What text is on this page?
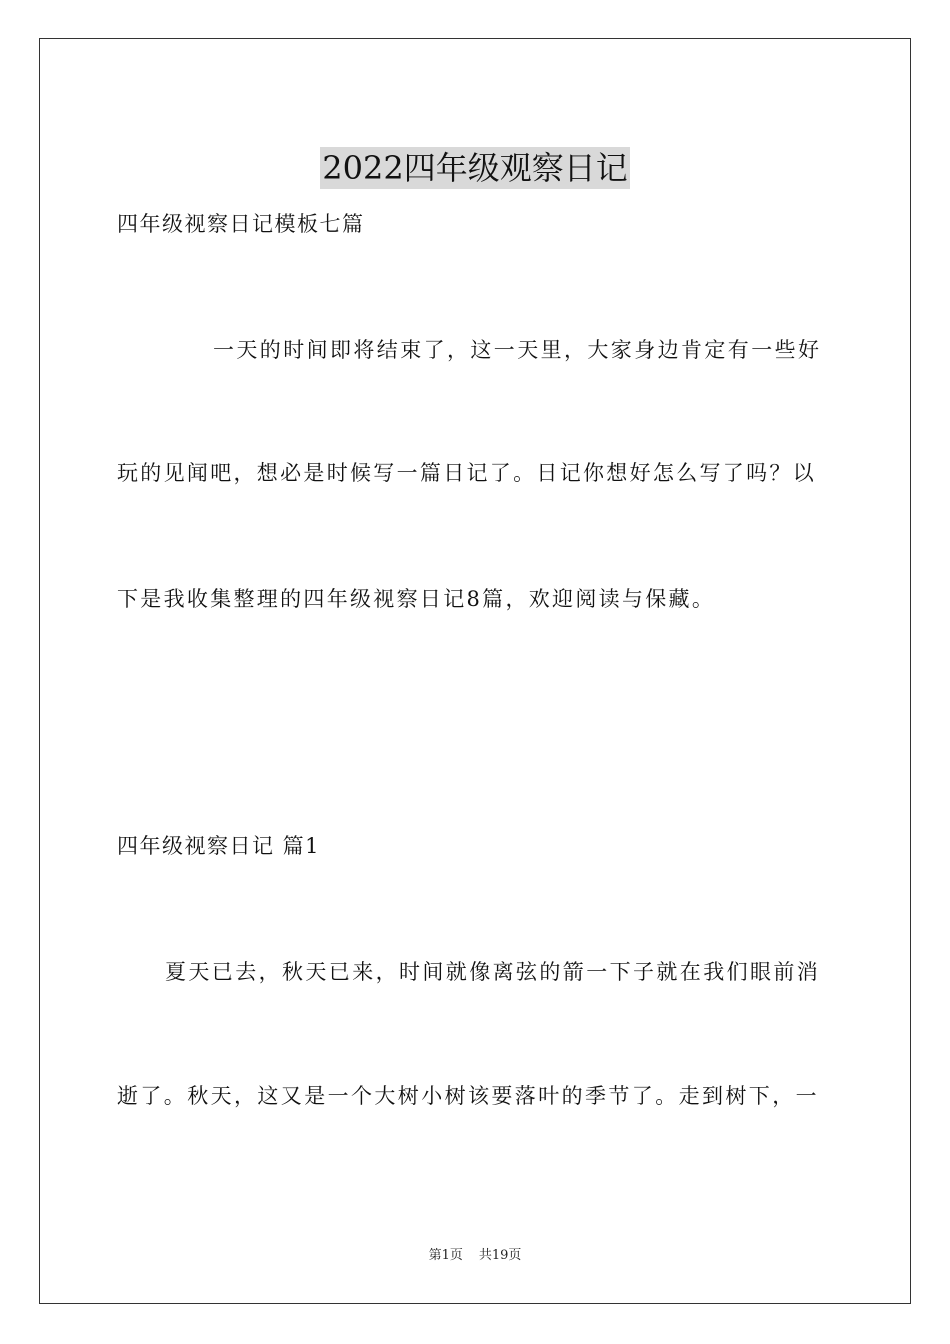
2022四年级观察日记
四年级视察日记模板七篇
一天的时间即将结束了，这一天里，大家身边肯定有一些好
玩的见闻吧，想必是时候写一篇日记了。日记你想好怎么写了吗？以
下是我收集整理的四年级视察日记8篇，欢迎阅读与保藏。
四年级视察日记 篇1
夏天已去，秋天已来，时间就像离弦的箭一下子就在我们眼前消
逝了。秋天，这又是一个大树小树该要落叶的季节了。走到树下，一
第1页 共19页
